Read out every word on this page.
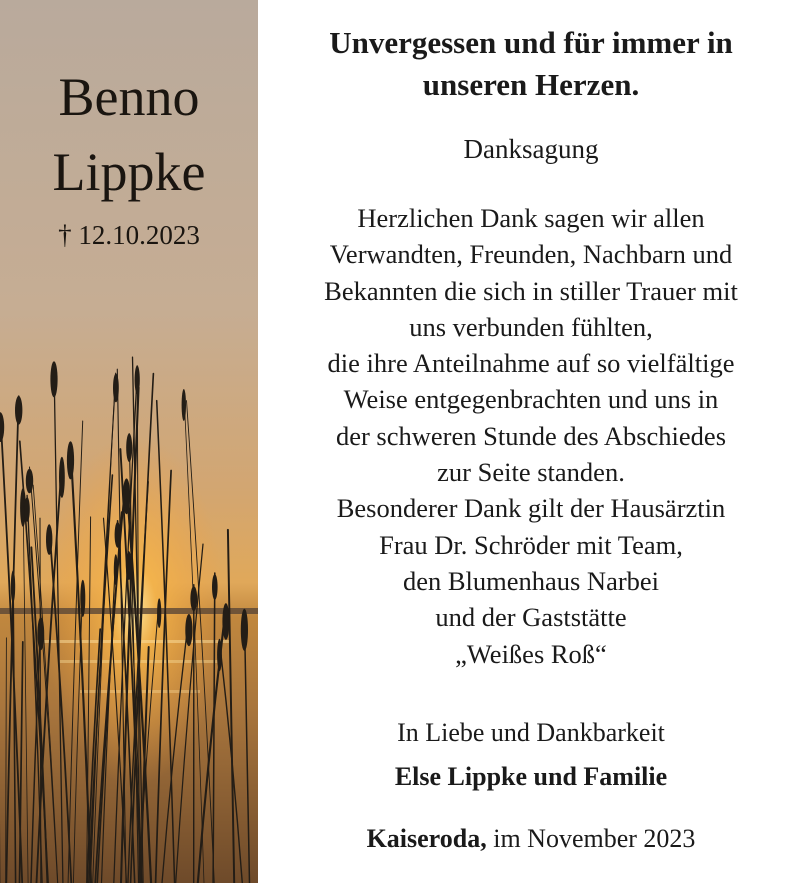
Benno
Lippke
† 12.10.2023
Unvergessen und für immer in
unseren Herzen.
Danksagung
Herzlichen Dank sagen wir allen
Verwandten, Freunden, Nachbarn und
Bekannten die sich in stiller Trauer mit
uns verbunden fühlten,
die ihre Anteilnahme auf so vielfältige
Weise entgegenbrachten und uns in
der schweren Stunde des Abschiedes
zur Seite standen.
Besonderer Dank gilt der Hausärztin
Frau Dr. Schröder mit Team,
den Blumenhaus Narbei
und der Gaststätte
„Weißes Roß“
In Liebe und Dankbarkeit
Else Lippke und Familie
Kaiseroda, im November 2023
